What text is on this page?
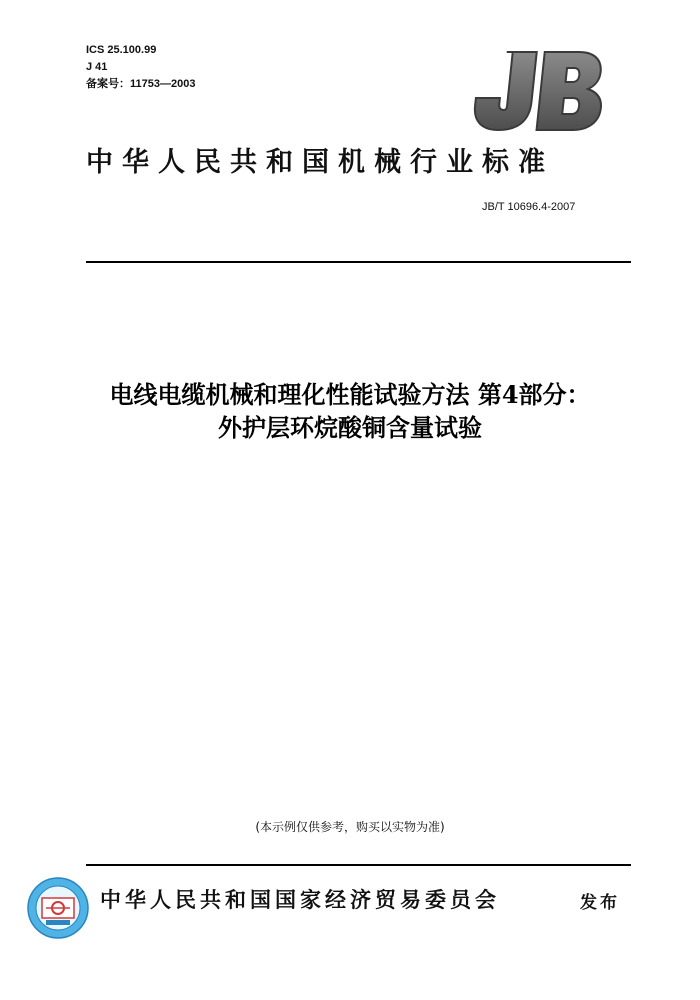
ICS 25.100.99
J 41
备案号：11753—2003
中华人民共和国机械行业标准
JB/T 10696.4-2007
电线电缆机械和理化性能试验方法 第4部分：
外护层环烷酸铜含量试验
(本示例仅供参考，购买以实物为准)
中华人民共和国国家经济贸易委员会	发布
